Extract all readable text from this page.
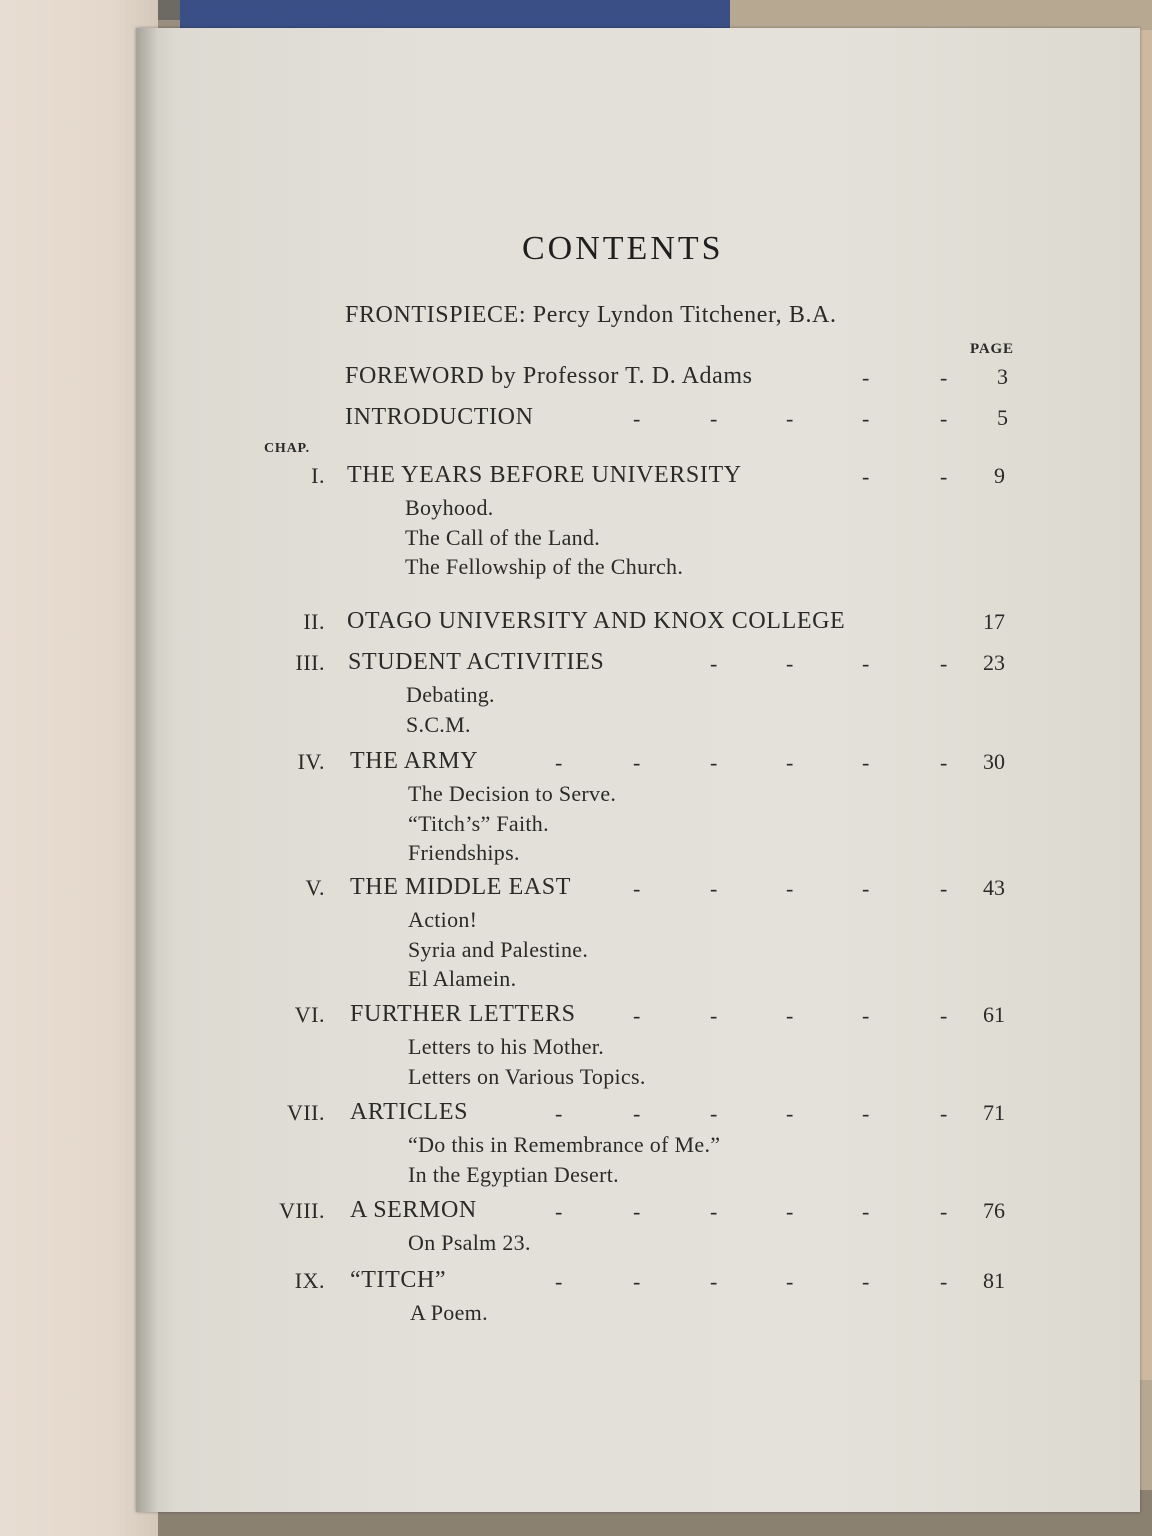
CONTENTS
FRONTISPIECE: Percy Lyndon Titchener, B.A.
PAGE
CHAP.
FOREWORD by Professor T. D. Adams	-	-	3
INTRODUCTION	-	-	-	-	-	5
I. THE YEARS BEFORE UNIVERSITY	-	-	9
Boyhood.
The Call of the Land.
The Fellowship of the Church.
II. OTAGO UNIVERSITY AND KNOX COLLEGE	17
III. STUDENT ACTIVITIES	-	-	-	-	23
Debating.
S.C.M.
IV. THE ARMY	-	-	-	-	-	-	30
The Decision to Serve.
“Titch’s” Faith.
Friendships.
V. THE MIDDLE EAST	-	-	-	-	-	43
Action!
Syria and Palestine.
El Alamein.
VI. FURTHER LETTERS	-	-	-	-	-	61
Letters to his Mother.
Letters on Various Topics.
VII. ARTICLES	-	-	-	-	-	-	71
“Do this in Remembrance of Me.”
In the Egyptian Desert.
VIII. A SERMON	-	-	-	-	-	-	76
On Psalm 23.
IX. “TITCH”	-	-	-	-	-	-	81
A Poem.
